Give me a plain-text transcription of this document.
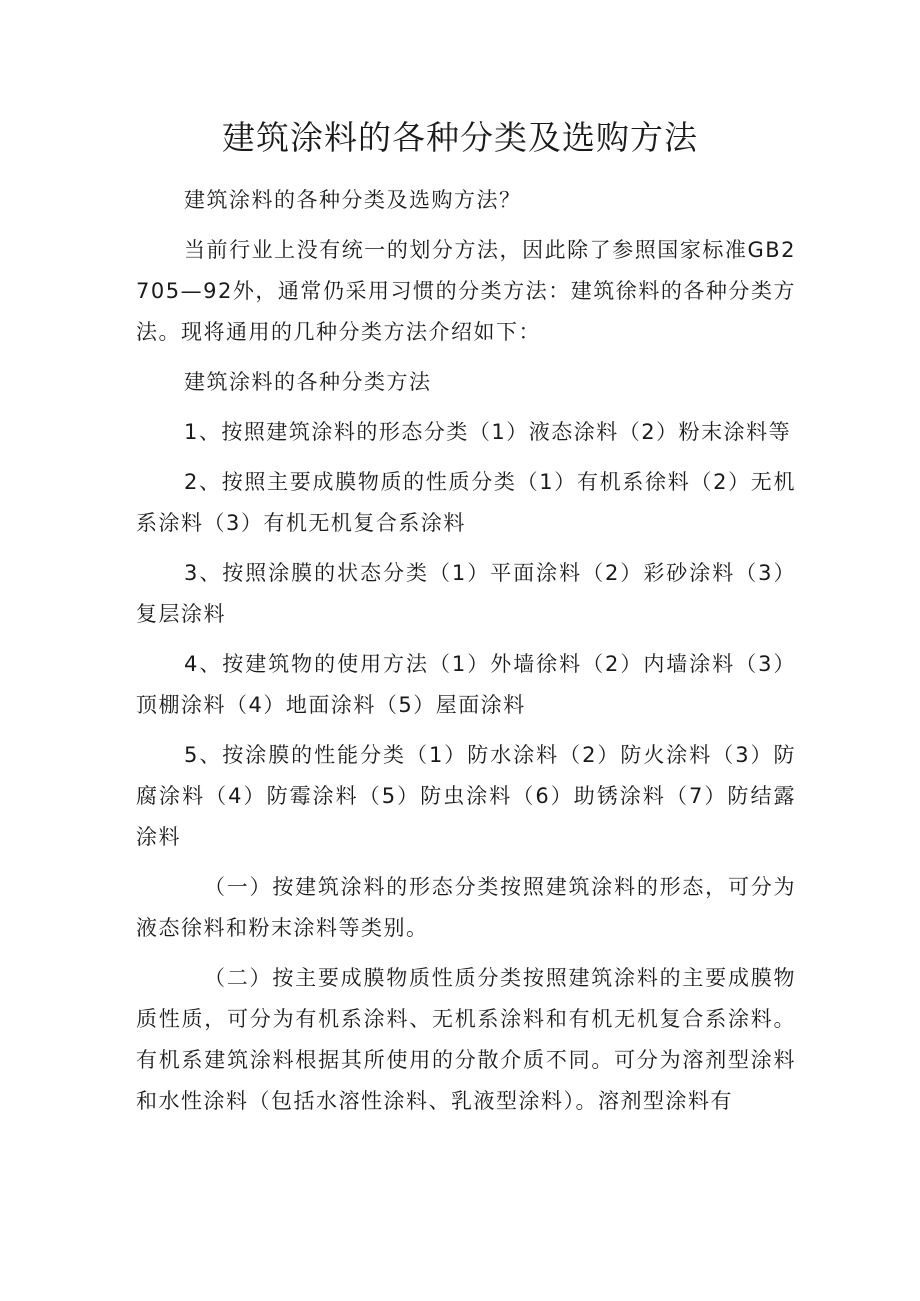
建筑涂料的各种分类及选购方法

建筑涂料的各种分类及选购方法？

当前行业上没有统一的划分方法，因此除了参照国家标准GB2705—92外，通常仍采用习惯的分类方法：建筑徐料的各种分类方法。现将通用的几种分类方法介绍如下：

建筑涂料的各种分类方法

1、按照建筑涂料的形态分类（1）液态涂料（2）粉末涂料等

2、按照主要成膜物质的性质分类（1）有机系徐料（2）无机系涂料（3）有机无机复合系涂料

3、按照涂膜的状态分类（1）平面涂料（2）彩砂涂料（3）复层涂料

4、按建筑物的使用方法（1）外墙徐料（2）内墙涂料（3）顶棚涂料（4）地面涂料（5）屋面涂料

5、按涂膜的性能分类（1）防水涂料（2）防火涂料（3）防腐涂料（4）防霉涂料（5）防虫涂料（6）助锈涂料（7）防结露涂料

（一）按建筑涂料的形态分类按照建筑涂料的形态，可分为液态徐料和粉末涂料等类别。

（二）按主要成膜物质性质分类按照建筑涂料的主要成膜物质性质，可分为有机系涂料、无机系涂料和有机无机复合系涂料。有机系建筑涂料根据其所使用的分散介质不同。可分为溶剂型涂料和水性涂料（包括水溶性涂料、乳液型涂料）。溶剂型涂料有
